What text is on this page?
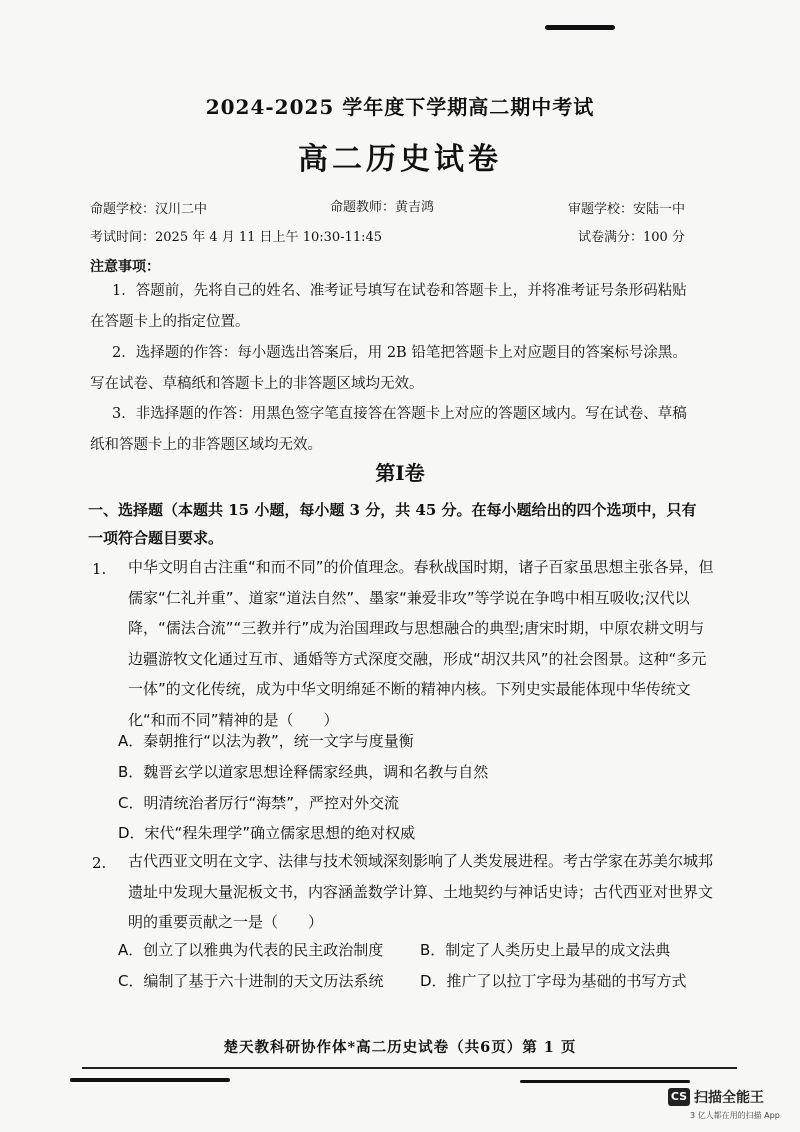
2024-2025 学年度下学期高二期中考试
高二历史试卷
命题学校：汉川二中	命题教师：黄吉鸿	审题学校：安陆一中
考试时间：2025 年 4 月 11 日上午 10:30-11:45	试卷满分：100 分
注意事项：
1．答题前，先将自己的姓名、准考证号填写在试卷和答题卡上，并将准考证号条形码粘贴在答题卡上的指定位置。
2．选择题的作答：每小题选出答案后，用 2B 铅笔把答题卡上对应题目的答案标号涂黑。写在试卷、草稿纸和答题卡上的非答题区域均无效。
3．非选择题的作答：用黑色签字笔直接答在答题卡上对应的答题区域内。写在试卷、草稿纸和答题卡上的非答题区域均无效。
第Ⅰ卷
一、选择题（本题共 15 小题，每小题 3 分，共 45 分。在每小题给出的四个选项中，只有一项符合题目要求。
1. 中华文明自古注重“和而不同”的价值理念。春秋战国时期，诸子百家虽思想主张各异，但儒家“仁礼并重”、道家“道法自然”、墨家“兼爱非攻”等学说在争鸣中相互吸收;汉代以降，“儒法合流”“三教并行”成为治国理政与思想融合的典型;唐宋时期，中原农耕文明与边疆游牧文化通过互市、通婚等方式深度交融，形成“胡汉共风”的社会图景。这种“多元一体”的文化传统，成为中华文明绵延不断的精神内核。下列史实最能体现中华传统文化“和而不同”精神的是（　　）
A．秦朝推行“以法为教”，统一文字与度量衡
B．魏晋玄学以道家思想诠释儒家经典，调和名教与自然
C．明清统治者厉行“海禁”，严控对外交流
D．宋代“程朱理学”确立儒家思想的绝对权威
2. 古代西亚文明在文字、法律与技术领域深刻影响了人类发展进程。考古学家在苏美尔城邦遗址中发现大量泥板文书，内容涵盖数学计算、土地契约与神话史诗；古代西亚对世界文明的重要贡献之一是（　　）
A．创立了以雅典为代表的民主政治制度 B．制定了人类历史上最早的成文法典
C．编制了基于六十进制的天文历法系统 D．推广了以拉丁字母为基础的书写方式
楚天教科研协作体*高二历史试卷（共6页）第 1 页
CS 扫描全能王
3 亿人都在用的扫描 App
